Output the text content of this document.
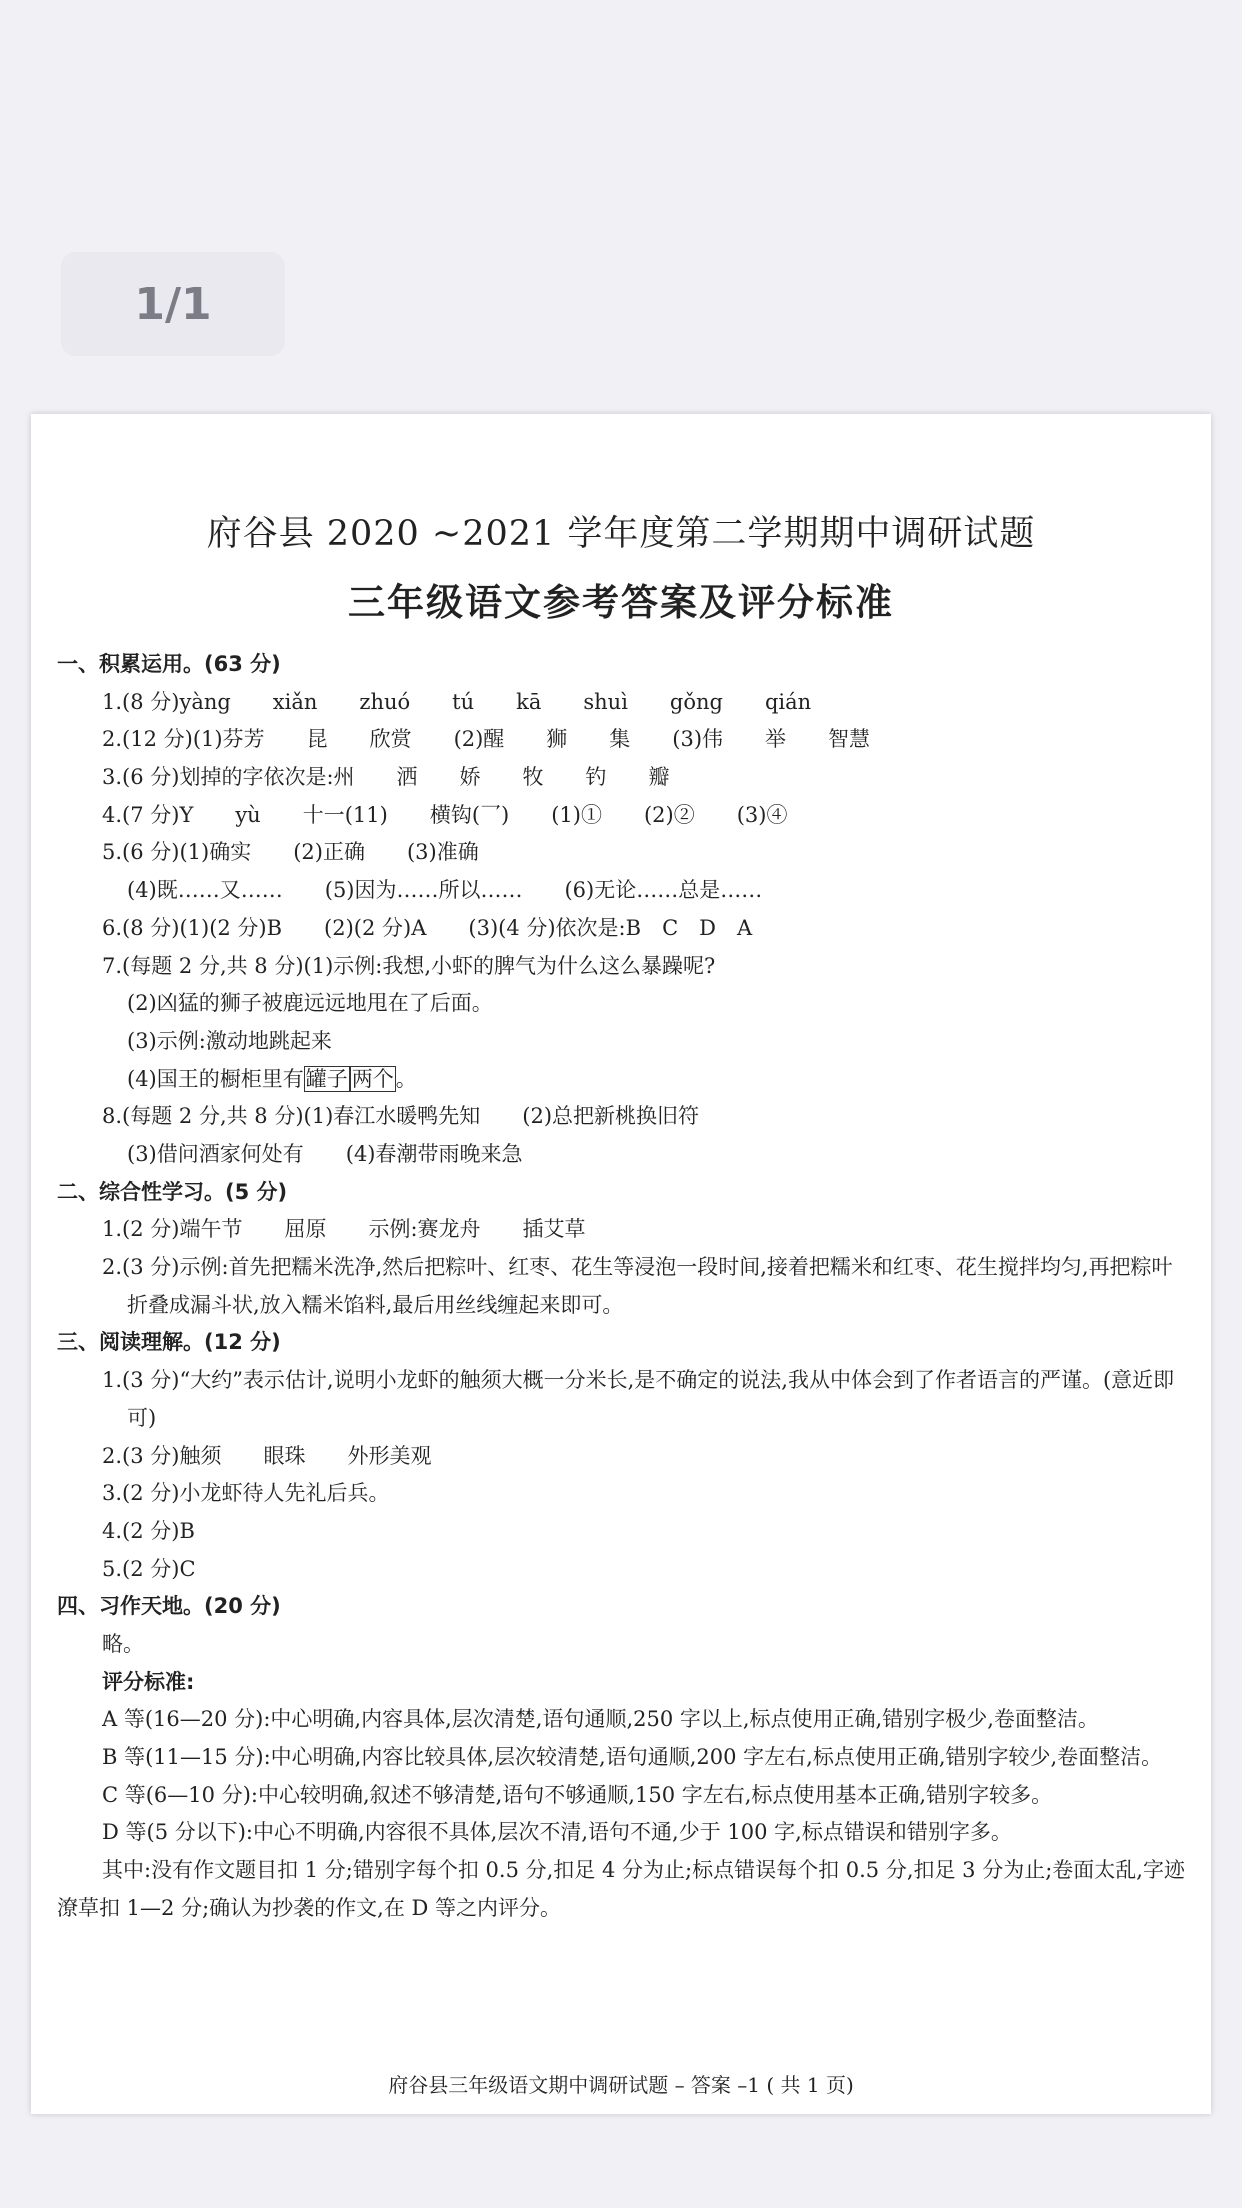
1/1
府谷县 2020 ~2021 学年度第二学期期中调研试题
三年级语文参考答案及评分标准
一、积累运用。(63 分)
1.(8 分)yàng　　xiǎn　　zhuó　　tú　　kā　　shuì　　gǒng　　qián
2.(12 分)(1)芬芳　　昆　　欣赏　　(2)醒　　狮　　集　　(3)伟　　举　　智慧
3.(6 分)划掉的字依次是:州　　洒　　娇　　牧　　钓　　瓣
4.(7 分)Y　　yù　　十一(11)　　横钩(乛)　　(1)①　　(2)②　　(3)④
5.(6 分)(1)确实　　(2)正确　　(3)准确
(4)既……又……　　(5)因为……所以……　　(6)无论……总是……
6.(8 分)(1)(2 分)B　　(2)(2 分)A　　(3)(4 分)依次是:B　C　D　A
7.(每题 2 分,共 8 分)(1)示例:我想,小虾的脾气为什么这么暴躁呢?
(2)凶猛的狮子被鹿远远地甩在了后面。
(3)示例:激动地跳起来
(4)国王的橱柜里有罐子 两个。
8.(每题 2 分,共 8 分)(1)春江水暖鸭先知　　(2)总把新桃换旧符
(3)借问酒家何处有　　(4)春潮带雨晚来急
二、综合性学习。(5 分)
1.(2 分)端午节　　屈原　　示例:赛龙舟　　插艾草
2.(3 分)示例:首先把糯米洗净,然后把粽叶、红枣、花生等浸泡一段时间,接着把糯米和红枣、花生搅拌均匀,再把粽叶折叠成漏斗状,放入糯米馅料,最后用丝线缠起来即可。
三、阅读理解。(12 分)
1.(3 分)“大约”表示估计,说明小龙虾的触须大概一分米长,是不确定的说法,我从中体会到了作者语言的严谨。(意近即可)
2.(3 分)触须　　眼珠　　外形美观
3.(2 分)小龙虾待人先礼后兵。
4.(2 分)B
5.(2 分)C
四、习作天地。(20 分)
略。
评分标准:
A 等(16—20 分):中心明确,内容具体,层次清楚,语句通顺,250 字以上,标点使用正确,错别字极少,卷面整洁。
B 等(11—15 分):中心明确,内容比较具体,层次较清楚,语句通顺,200 字左右,标点使用正确,错别字较少,卷面整洁。
C 等(6—10 分):中心较明确,叙述不够清楚,语句不够通顺,150 字左右,标点使用基本正确,错别字较多。
D 等(5 分以下):中心不明确,内容很不具体,层次不清,语句不通,少于 100 字,标点错误和错别字多。
其中:没有作文题目扣 1 分;错别字每个扣 0.5 分,扣足 4 分为止;标点错误每个扣 0.5 分,扣足 3 分为止;卷面太乱,字迹潦草扣 1—2 分;确认为抄袭的作文,在 D 等之内评分。
府谷县三年级语文期中调研试题 – 答案 –1 ( 共 1 页)
